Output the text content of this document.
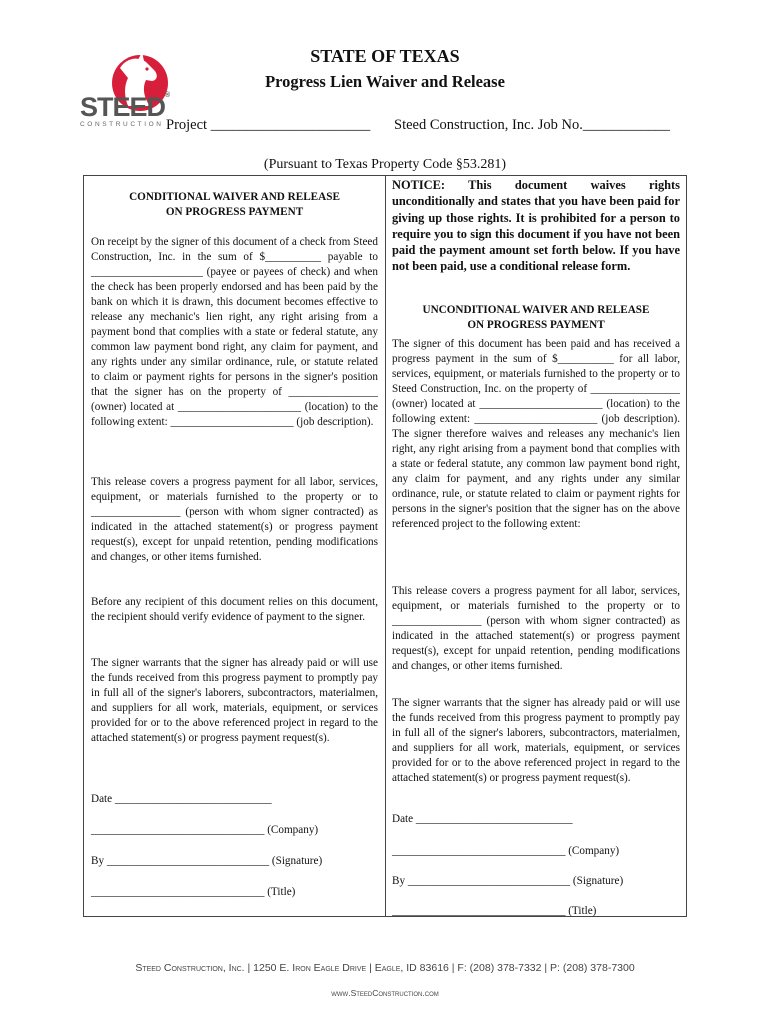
STEED®
CONSTRUCTION
STATE OF TEXAS
Progress Lien Waiver and Release
Project ______________________ Steed Construction, Inc. Job No.____________
(Pursuant to Texas Property Code §53.281)
CONDITIONAL WAIVER AND RELEASE
ON PROGRESS PAYMENT
On receipt by the signer of this document of a check from Steed Construction, Inc. in the sum of $__________ payable to ____________________ (payee or payees of check) and when the check has been properly endorsed and has been paid by the bank on which it is drawn, this document becomes effective to release any mechanic's lien right, any right arising from a payment bond that complies with a state or federal statute, any common law payment bond right, any claim for payment, and any rights under any similar ordinance, rule, or statute related to claim or payment rights for persons in the signer's position that the signer has on the property of ________________ (owner) located at ______________________ (location) to the following extent: ______________________ (job description).
This release covers a progress payment for all labor, services, equipment, or materials furnished to the property or to ________________ (person with whom signer contracted) as indicated in the attached statement(s) or progress payment request(s), except for unpaid retention, pending modifications and changes, or other items furnished.
Before any recipient of this document relies on this document, the recipient should verify evidence of payment to the signer.
The signer warrants that the signer has already paid or will use the funds received from this progress payment to promptly pay in full all of the signer's laborers, subcontractors, materialmen, and suppliers for all work, materials, equipment, or services provided for or to the above referenced project in regard to the attached statement(s) or progress payment request(s).
Date ____________________________
_______________________________ (Company)
By _____________________________ (Signature)
_______________________________ (Title)
NOTICE: This document waives rights unconditionally and states that you have been paid for giving up those rights. It is prohibited for a person to require you to sign this document if you have not been paid the payment amount set forth below. If you have not been paid, use a conditional release form.
UNCONDITIONAL WAIVER AND RELEASE
ON PROGRESS PAYMENT
The signer of this document has been paid and has received a progress payment in the sum of $__________ for all labor, services, equipment, or materials furnished to the property or to Steed Construction, Inc. on the property of ________________ (owner) located at ______________________ (location) to the following extent: ______________________ (job description). The signer therefore waives and releases any mechanic's lien right, any right arising from a payment bond that complies with a state or federal statute, any common law payment bond right, any claim for payment, and any rights under any similar ordinance, rule, or statute related to claim or payment rights for persons in the signer's position that the signer has on the above referenced project to the following extent:
This release covers a progress payment for all labor, services, equipment, or materials furnished to the property or to ________________ (person with whom signer contracted) as indicated in the attached statement(s) or progress payment request(s), except for unpaid retention, pending modifications and changes, or other items furnished.
The signer warrants that the signer has already paid or will use the funds received from this progress payment to promptly pay in full all of the signer's laborers, subcontractors, materialmen, and suppliers for all work, materials, equipment, or services provided for or to the above referenced project in regard to the attached statement(s) or progress payment request(s).
Date ____________________________
_______________________________ (Company)
By _____________________________ (Signature)
_______________________________ (Title)
Steed Construction, Inc. | 1250 E. Iron Eagle Drive | Eagle, ID 83616 | F: (208) 378-7332 | P: (208) 378-7300
www.SteedConstruction.com
